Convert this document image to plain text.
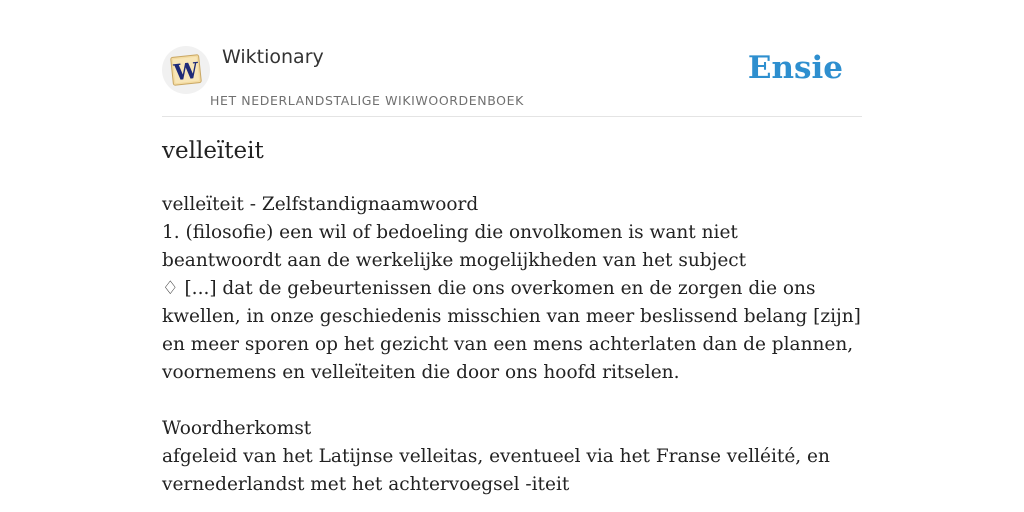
W
Wiktionary
HET NEDERLANDSTALIGE WIKIWOORDENBOEK
Ensie
velleïteit

velleïteit - Zelfstandignaamwoord

1. (filosofie) een wil of bedoeling die onvolkomen is want niet beantwoordt aan de werkelijke mogelijkheden van het subject

♢ [...] dat de gebeurtenissen die ons overkomen en de zorgen die ons kwellen, in onze geschiedenis misschien van meer beslissend belang [zijn] en meer sporen op het gezicht van een mens achterlaten dan de plannen, voornemens en velleïteiten die door ons hoofd ritselen.

Woordherkomst

afgeleid van het Latijnse velleitas, eventueel via het Franse velléité, en vernederlandst met het achtervoegsel -iteit
